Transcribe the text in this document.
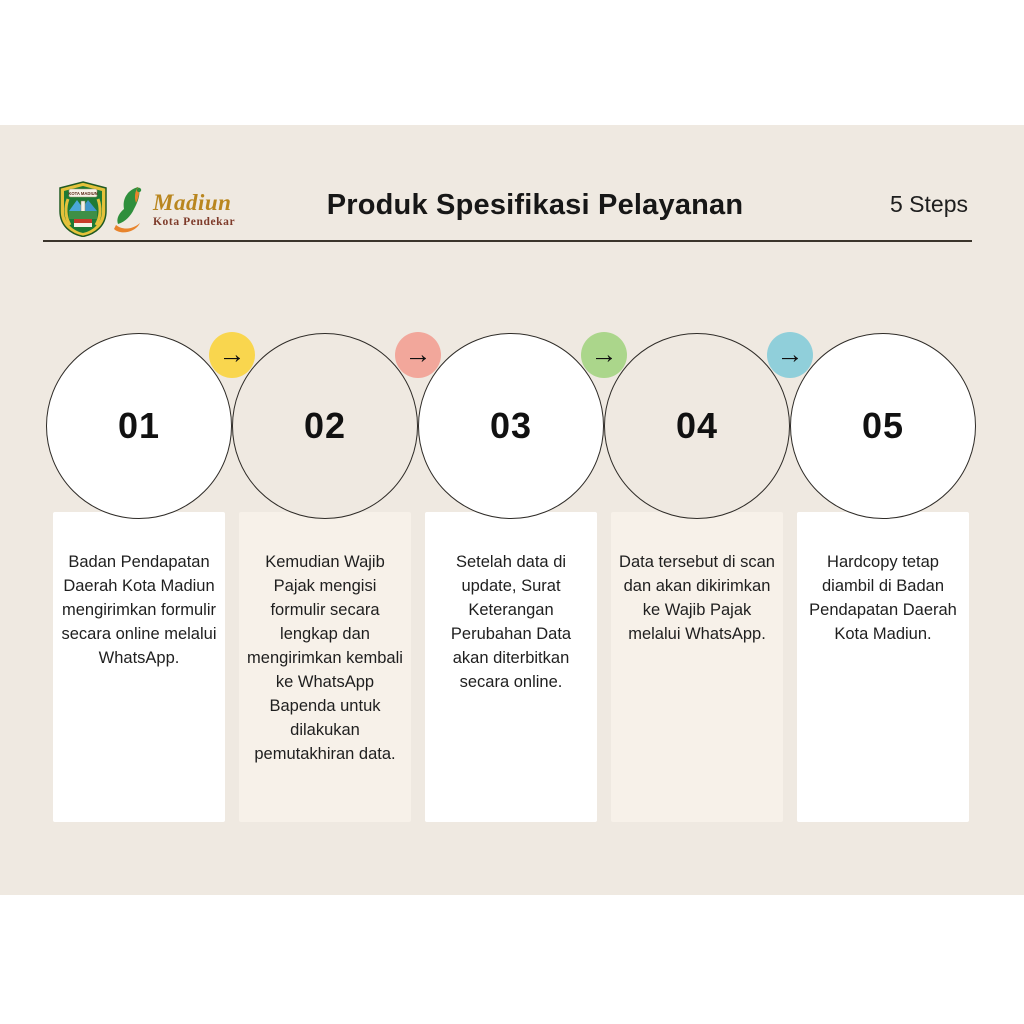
KOTA MADIUN Madiun
Kota Pendekar
Produk Spesifikasi Pelayanan	5 Steps
Badan Pendapatan Daerah Kota Madiun mengirimkan formulir secara online melalui WhatsApp.
01
Kemudian Wajib Pajak mengisi formulir secara lengkap dan mengirimkan kembali ke WhatsApp Bapenda untuk dilakukan pemutakhiran data.
02
Setelah data di update, Surat Keterangan Perubahan Data akan diterbitkan secara online.
03
Data tersebut di scan dan akan dikirimkan ke Wajib Pajak melalui WhatsApp.
04
Hardcopy tetap diambil di Badan Pendapatan Daerah Kota Madiun.
05
→	→	→	→
